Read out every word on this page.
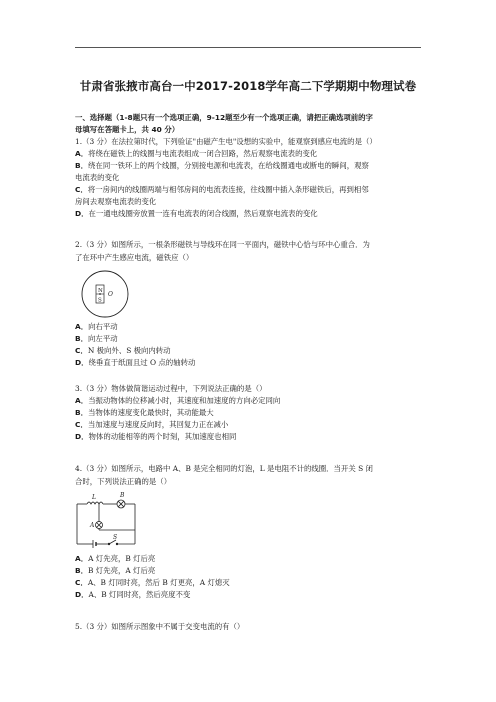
甘肃省张掖市高台一中2017-2018学年高二下学期期中物理试卷
一、选择题（1-8题只有一个选项正确，9-12题至少有一个选项正确，请把正确选项前的字
母填写在答题卡上，共 40 分）
1.（3 分）在法拉第时代，下列验证"由磁产生电"设想的实验中，能观察到感应电流的是（）
A．将绕在磁铁上的线圈与电流表组成一闭合回路，然后观察电流表的变化
B．绕在同一铁环上的两个线圈，分别接电源和电流表，在给线圈通电或断电的瞬间，观察
电流表的变化
C．将一房间内的线圈两端与相邻房间的电流表连接，往线圈中插入条形磁铁后，再到相邻
房间去观察电流表的变化
D．在一通电线圈旁放置一连有电流表的闭合线圈，然后观察电流表的变化
2.（3 分）如图所示，一根条形磁铁与导线环在同一平面内，磁铁中心恰与环中心重合．为
了在环中产生感应电流，磁铁应（）
N
S
O
A．向右平动
B．向左平动
C．N 极向外、S 极向内转动
D．绕垂直于纸面且过 O 点的轴转动
3.（3 分）物体做简谐运动过程中，下列说法正确的是（）
A．当振动物体的位移减小时，其速度和加速度的方向必定同向
B．当物体的速度变化最快时，其动能最大
C．当加速度与速度反向时，其回复力正在减小
D．物体的动能相等的两个时刻，其加速度也相同
4.（3 分）如图所示，电路中 A、B 是完全相同的灯泡，L 是电阻不计的线圈．当开关 S 闭
合时，下列说法正确的是（）
L	B
A
S
A．A 灯先亮，B 灯后亮
B．B 灯先亮，A 灯后亮
C．A、B 灯同时亮，然后 B 灯更亮，A 灯熄灭
D．A、B 灯同时亮，然后亮度不变
5.（3 分）如图所示图象中不属于交变电流的有（）
